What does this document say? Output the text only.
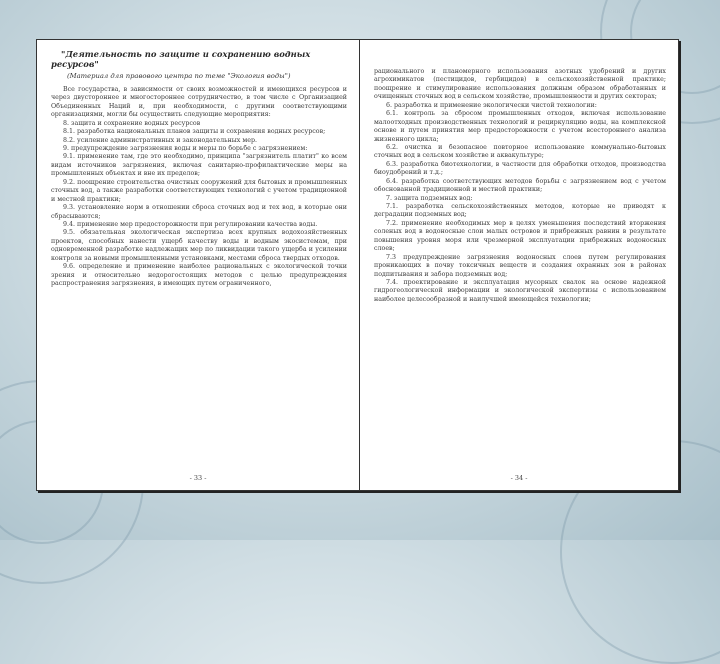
"Деятельность по защите и сохранению водных ресурсов"
(Материал для правового центра по теме "Экология воды")

Все государства, в зависимости от своих возможностей и имеющихся ресурсов и через двустороннее и многостороннее сотрудничество, в том числе с Организацией Объединенных Наций и, при необходимости, с другими соответствующими организациями, могли бы осуществить следующие мероприятия:

8. защита и сохранение водных ресурсов

8.1. разработка национальных планов защиты и сохранения водных ресурсов;

8.2. усиление административных и законодательных мер.

9. предупреждение загрязнения воды и меры по борьбе с загрязнением:

9.1. применение там, где это необходимо, принципа "загрязнитель платит" ко всем видам источников загрязнения, включая санитарно-профилактические меры на промышленных объектах и вне их пределов;

9.2. поощрение строительства очистных сооружений для бытовых и промышленных сточных вод, а также разработки соответствующих технологий с учетом традиционной и местной практики;

9.3. установление норм в отношении сброса сточных вод и тех вод, в которые они сбрасываются;

9.4. применение мер предосторожности при регулировании качества воды.

9.5. обязательная экологическая экспертиза всех крупных водохозяйственных проектов, способных нанести ущерб качеству воды и водным экосистемам, при одновременной разработке надлежащих мер по ликвидации такого ущерба и усилении контроля за новыми промышленными установками, местами сброса твердых отходов.

9.6. определение и применение наиболее рациональных с экологической точки зрения и относительно недорогостоящих методов с целью предупреждения распространения загрязнения, в имеющих путем ограниченного,

- 33 -

рационального и планомерного использования азотных удобрений и других агрохимикатов (пестицидов, гербицидов) в сельскохозяйственной практике; поощрение и стимулирование использования должным образом обработанных и очищенных сточных вод в сельском хозяйстве, промышленности и других секторах;

6. разработка и применение экологически чистой технологии:

6.1. контроль за сбросом промышленных отходов, включая использование малоотходных производственных технологий и рециркуляцию воды, на комплексной основе и путем принятия мер предосторожности с учетом всестороннего анализа жизненного цикла;

6.2. очистка и безопасное повторное использование коммунально-бытовых сточных вод в сельском хозяйстве и аквакультуре;

6.3. разработка биотехнологии, в частности для обработки отходов, производства биоудобрений и т.д.;

6.4. разработка соответствующих методов борьбы с загрязнением вод с учетом обоснованной традиционной и местной практики;

7. защита подземных вод:

7.1. разработка сельскохозяйственных методов, которые не приводят к деградации подземных вод;

7.2. применение необходимых мер в целях уменьшения последствий вторжения соленых вод в водоносные слои малых островов и прибрежных равнин в результате повышения уровня моря или чрезмерной эксплуатации прибрежных водоносных слоев;

7.3 предупреждение загрязнения водоносных слоев путем регулирования проникающих в почву токсичных веществ и создания охранных зон в районах подпитывания и забора подземных вод;

7.4. проектирование и эксплуатация мусорных свалок на основе надежной гидрогеологической информации и экологической экспертизы с использованием наиболее целесообразной и наилучшей имеющейся технологии;

- 34 -
